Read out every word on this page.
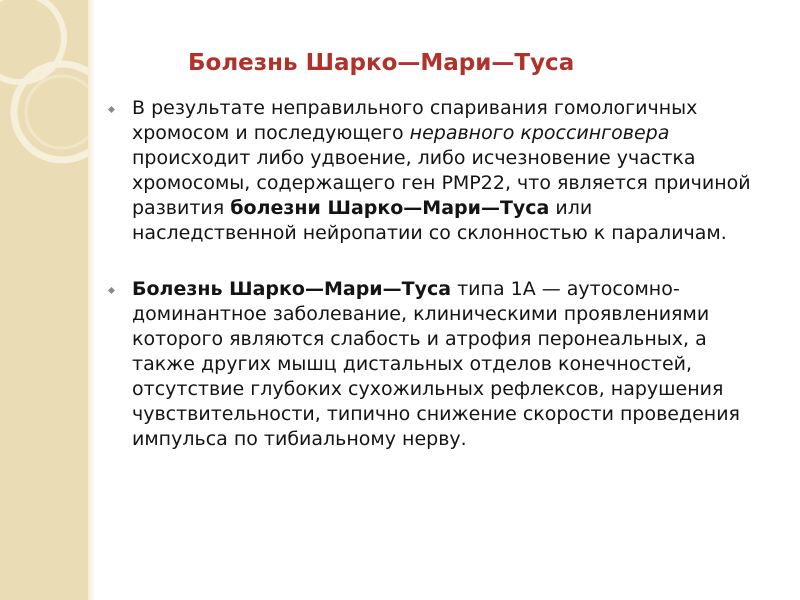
Болезнь Шарко—Мари—Туса
В результате неправильного спаривания гомологичных хромосом и последующего неравного кроссинговера происходит либо удвоение, либо исчезновение участка хромосомы, содержащего ген PMP22, что является причиной развития болезни Шарко—Мари—Туса или наследственной нейропатии со склонностью к параличам.
Болезнь Шарко—Мари—Туса типа 1А — аутосомно-доминантное заболевание, клиническими проявлениями которого являются слабость и атрофия перонеальных, а также других мышц дистальных отделов конечностей, отсутствие глубоких сухожильных рефлексов, нарушения чувствительности, типично снижение скорости проведения импульса по тибиальному нерву.
